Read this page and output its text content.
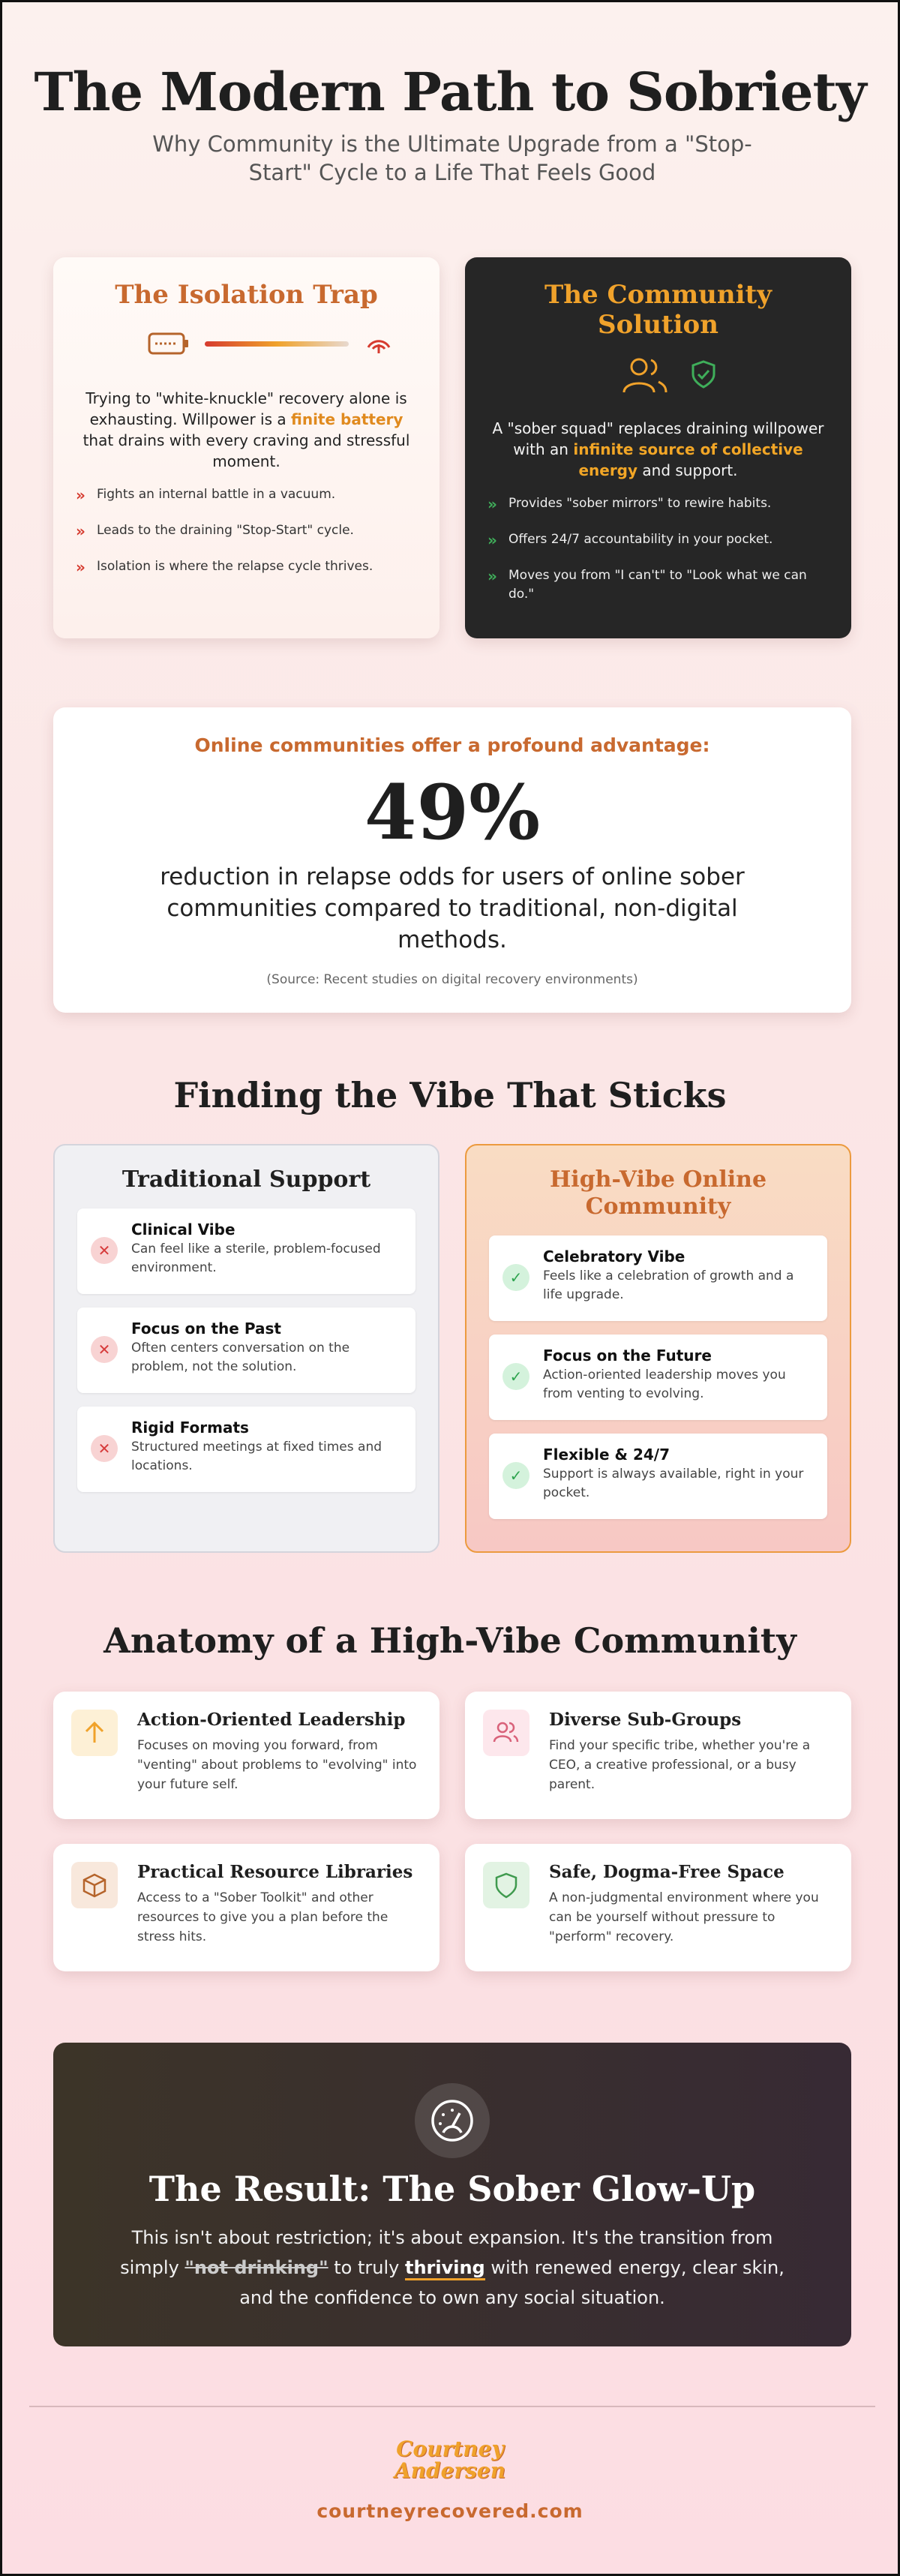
The Modern Path to Sobriety

Why Community is the Ultimate Upgrade from a "Stop-Start" Cycle to a Life That Feels Good

The Isolation Trap
Trying to "white-knuckle" recovery alone is exhausting. Willpower is a finite battery that drains with every craving and stressful moment.
» Fights an internal battle in a vacuum.
» Leads to the draining "Stop-Start" cycle.
» Isolation is where the relapse cycle thrives.
The Community Solution
A "sober squad" replaces draining willpower with an infinite source of collective energy and support.
» Provides "sober mirrors" to rewire habits.
» Offers 24/7 accountability in your pocket.
» Moves you from "I can't" to "Look what we can do."
Online communities offer a profound advantage:
49%
reduction in relapse odds for users of online sober communities compared to traditional, non-digital methods.
(Source: Recent studies on digital recovery environments)
Finding the Vibe That Sticks
Traditional Support
✕

Clinical Vibe

Can feel like a sterile, problem-focused environment.
✕

Focus on the Past

Often centers conversation on the problem, not the solution.
✕

Rigid Formats

Structured meetings at fixed times and locations.
High-Vibe Online Community
✓

Celebratory Vibe

Feels like a celebration of growth and a life upgrade.
✓

Focus on the Future

Action-oriented leadership moves you from venting to evolving.
✓

Flexible & 24/7

Support is always available, right in your pocket.
Anatomy of a High-Vibe Community

Action-Oriented Leadership

Focuses on moving you forward, from "venting" about problems to "evolving" into your future self.

Diverse Sub-Groups

Find your specific tribe, whether you're a CEO, a creative professional, or a busy parent.

Practical Resource Libraries

Access to a "Sober Toolkit" and other resources to give you a plan before the stress hits.

Safe, Dogma-Free Space

A non-judgmental environment where you can be yourself without pressure to "perform" recovery.
The Result: The Sober Glow-Up
This isn't about restriction; it's about expansion. It's the transition from simply "not drinking" to truly thriving with renewed energy, clear skin, and the confidence to own any social situation.
Courtney
Andersen
courtneyrecovered.com
